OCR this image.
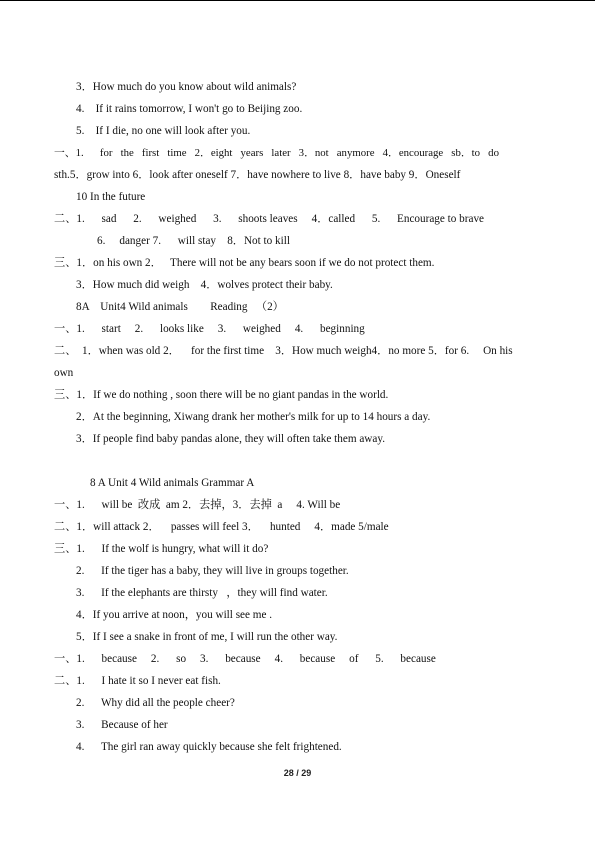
3．How much do you know about wild animals?
4.    If it rains tomorrow, I won't go to Beijing zoo.
5.    If I die, no one will look after you.
一、1.      for   the   first   time   2．eight   years   later   3．not   anymore   4．encourage   sb．to   do
sth.5．grow into 6．look after oneself 7．have nowhere to live 8．have baby 9．Oneself
10 In the future
二、1.      sad      2.      weighed      3.      shoots leaves     4．called      5.      Encourage to brave
6.     danger 7.      will stay    8．Not to kill
三、1．on his own 2．   There will not be any bears soon if we do not protect them.
3．How much did weigh    4．wolves protect their baby.
8A    Unit4 Wild animals        Reading   （2）
一、1.      start     2.      looks like     3.      weighed     4.      beginning
二、  1．when was old 2．    for the first time    3．How much weigh4．no more 5．for 6.     On his
own
三、1．If we do nothing , soon there will be no giant pandas in the world.
2．At the beginning, Xiwang drank her mother's milk for up to 14 hours a day.
3．If people find baby pandas alone, they will often take them away.
8 A Unit 4 Wild animals Grammar A
一、1.      will be  改成  am 2．去掉，3．去掉  a     4. Will be
二、1．will attack 2．    passes will feel 3．    hunted     4．made 5/male
三、1.      If the wolf is hungry, what will it do?
2.      If the tiger has a baby, they will live in groups together.
3.      If the elephants are thirsty   ，they will find water.
4．If you arrive at noon，you will see me .
5．If I see a snake in front of me, I will run the other way.
一、1.      because     2.      so     3.      because     4.      because     of      5.      because
二、1.      I hate it so I never eat fish.
2.      Why did all the people cheer?
3.      Because of her
4.      The girl ran away quickly because she felt frightened.
28 / 29
